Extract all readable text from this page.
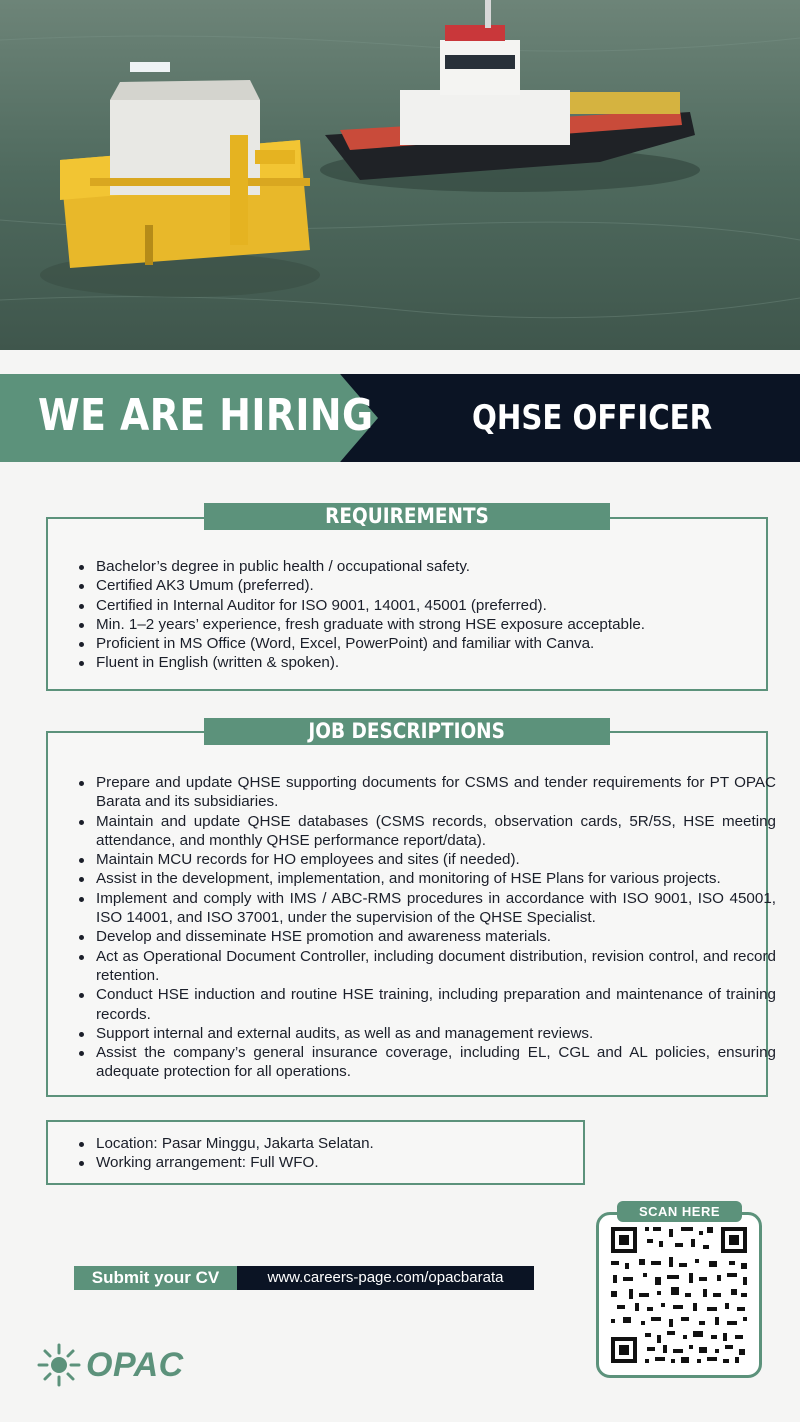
WE ARE HIRING	QHSE OFFICER
Bachelor’s degree in public health / occupational safety.
Certified AK3 Umum (preferred).
Certified in Internal Auditor for ISO 9001, 14001, 45001 (preferred).
Min. 1–2 years’ experience, fresh graduate with strong HSE exposure acceptable.
Proficient in MS Office (Word, Excel, PowerPoint) and familiar with Canva.
Fluent in English (written & spoken).
REQUIREMENTS
Prepare and update QHSE supporting documents for CSMS and tender requirements for PT OPAC Barata and its subsidiaries.
Maintain and update QHSE databases (CSMS records, observation cards, 5R/5S, HSE meeting attendance, and monthly QHSE performance report/data).
Maintain MCU records for HO employees and sites (if needed).
Assist in the development, implementation, and monitoring of HSE Plans for various projects.
Implement and comply with IMS / ABC-RMS procedures in accordance with ISO 9001, ISO 45001, ISO 14001, and ISO 37001, under the supervision of the QHSE Specialist.
Develop and disseminate HSE promotion and awareness materials.
Act as Operational Document Controller, including document distribution, revision control, and record retention.
Conduct HSE induction and routine HSE training, including preparation and maintenance of training records.
Support internal and external audits, as well as and management reviews.
Assist the company’s general insurance coverage, including EL, CGL and AL policies, ensuring adequate protection for all operations.
JOB DESCRIPTIONS
Location: Pasar Minggu, Jakarta Selatan.
Working arrangement: Full WFO.
Submit your CV	www.careers-page.com/opacbarata
SCAN HERE
OPAC
